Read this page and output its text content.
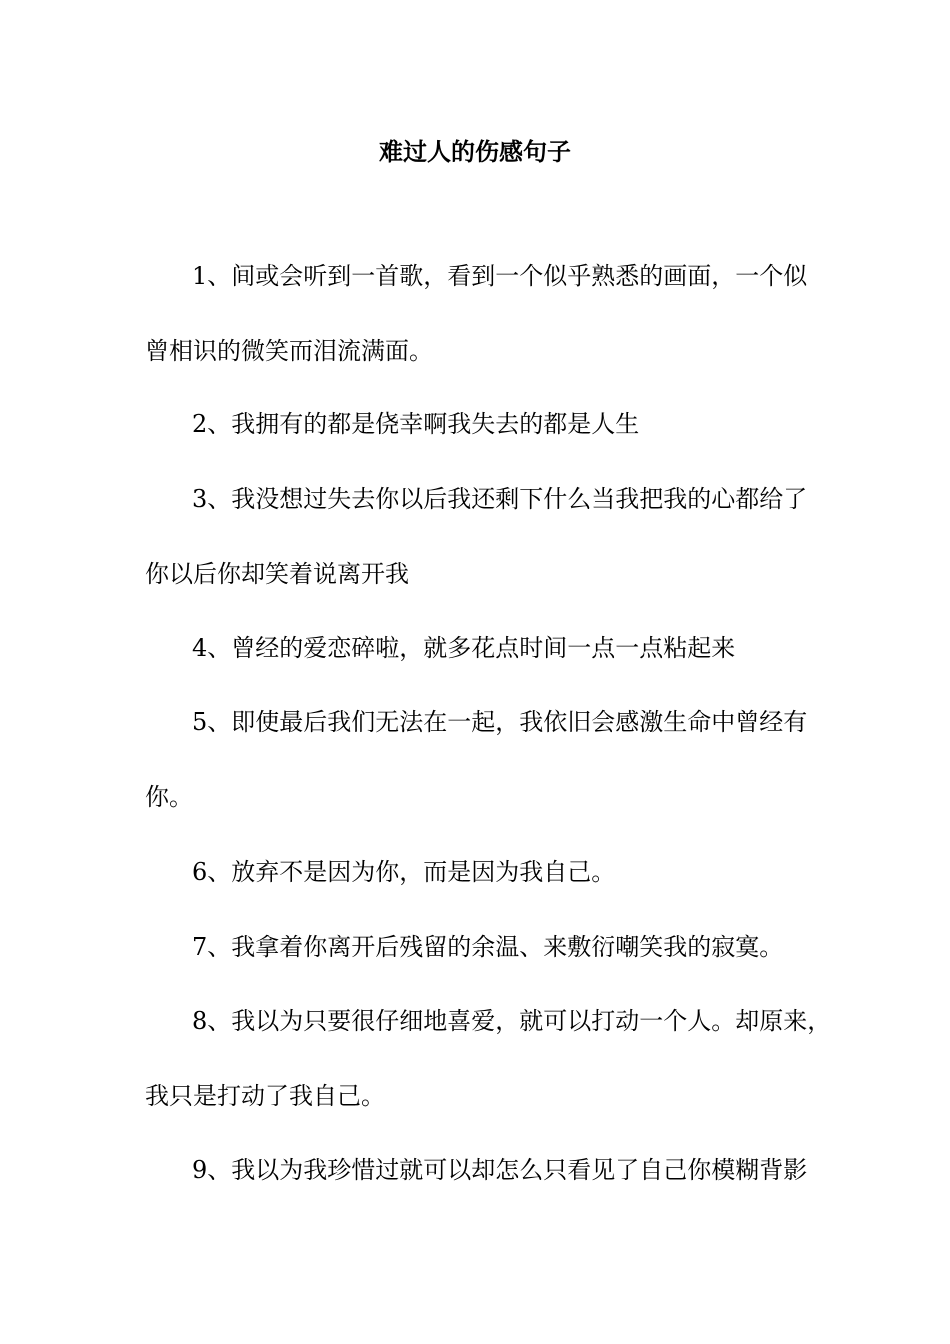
难过人的伤感句子

1、间或会听到一首歌，看到一个似乎熟悉的画面，一个似

曾相识的微笑而泪流满面。

2、我拥有的都是侥幸啊我失去的都是人生

3、我没想过失去你以后我还剩下什么当我把我的心都给了

你以后你却笑着说离开我

4、曾经的爱恋碎啦，就多花点时间一点一点粘起来

5、即使最后我们无法在一起，我依旧会感激生命中曾经有

你。

6、放弃不是因为你，而是因为我自己。

7、我拿着你离开后残留的余温、来敷衍嘲笑我的寂寞。

8、我以为只要很仔细地喜爱，就可以打动一个人。却原来，

我只是打动了我自己。

9、我以为我珍惜过就可以却怎么只看见了自己你模糊背影
